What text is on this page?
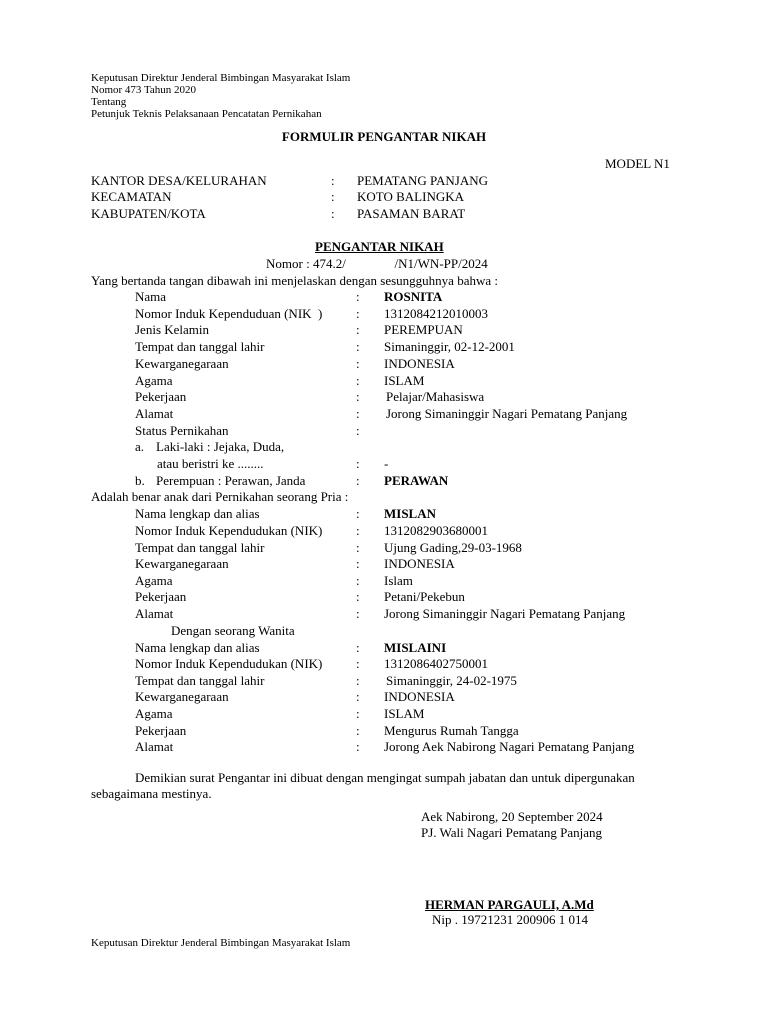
Keputusan Direktur Jenderal Bimbingan Masyarakat Islam
Nomor 473 Tahun 2020
Tentang
Petunjuk Teknis Pelaksanaan Pencatatan Pernikahan
FORMULIR PENGANTAR NIKAH
MODEL N1
KANTOR DESA/KELURAHAN	: PEMATANG PANJANG
KECAMATAN	: KOTO BALINGKA
KABUPATEN/KOTA	: PASAMAN BARAT
PENGANTAR NIKAH
Nomor : 474.2/               /N1/WN-PP/2024
Yang bertanda tangan dibawah ini menjelaskan dengan sesungguhnya bahwa :
Nama	: ROSNITA
Nomor Induk Kependuduan (NIK  )	: 1312084212010003
Jenis Kelamin	: PEREMPUAN
Tempat dan tanggal lahir	: Simaninggir, 02-12-2001
Kewarganegaraan	: INDONESIA
Agama	: ISLAM
Pekerjaan	: Pelajar/Mahasiswa
Alamat	: Jorong Simaninggir Nagari Pematang Panjang
Status Pernikahan	:
a. Laki-laki : Jejaka, Duda,
atau beristri ke ........	: -
b. Perempuan : Perawan, Janda	: PERAWAN
Adalah benar anak dari Pernikahan seorang Pria :
Nama lengkap dan alias	: MISLAN
Nomor Induk Kependudukan (NIK)	: 1312082903680001
Tempat dan tanggal lahir	: Ujung Gading,29-03-1968
Kewarganegaraan	: INDONESIA
Agama	: Islam
Pekerjaan	: Petani/Pekebun
Alamat	: Jorong Simaninggir Nagari Pematang Panjang
Dengan seorang Wanita
Nama lengkap dan alias	: MISLAINI
Nomor Induk Kependudukan (NIK)	: 1312086402750001
Tempat dan tanggal lahir	: Simaninggir, 24-02-1975
Kewarganegaraan	: INDONESIA
Agama	: ISLAM
Pekerjaan	: Mengurus Rumah Tangga
Alamat	: Jorong Aek Nabirong Nagari Pematang Panjang
Demikian surat Pengantar ini dibuat dengan mengingat sumpah jabatan dan untuk dipergunakan
sebagaimana mestinya.
Aek Nabirong, 20 September 2024
PJ. Wali Nagari Pematang Panjang
HERMAN PARGAULI, A.Md
Nip . 19721231 200906 1 014
Keputusan Direktur Jenderal Bimbingan Masyarakat Islam
